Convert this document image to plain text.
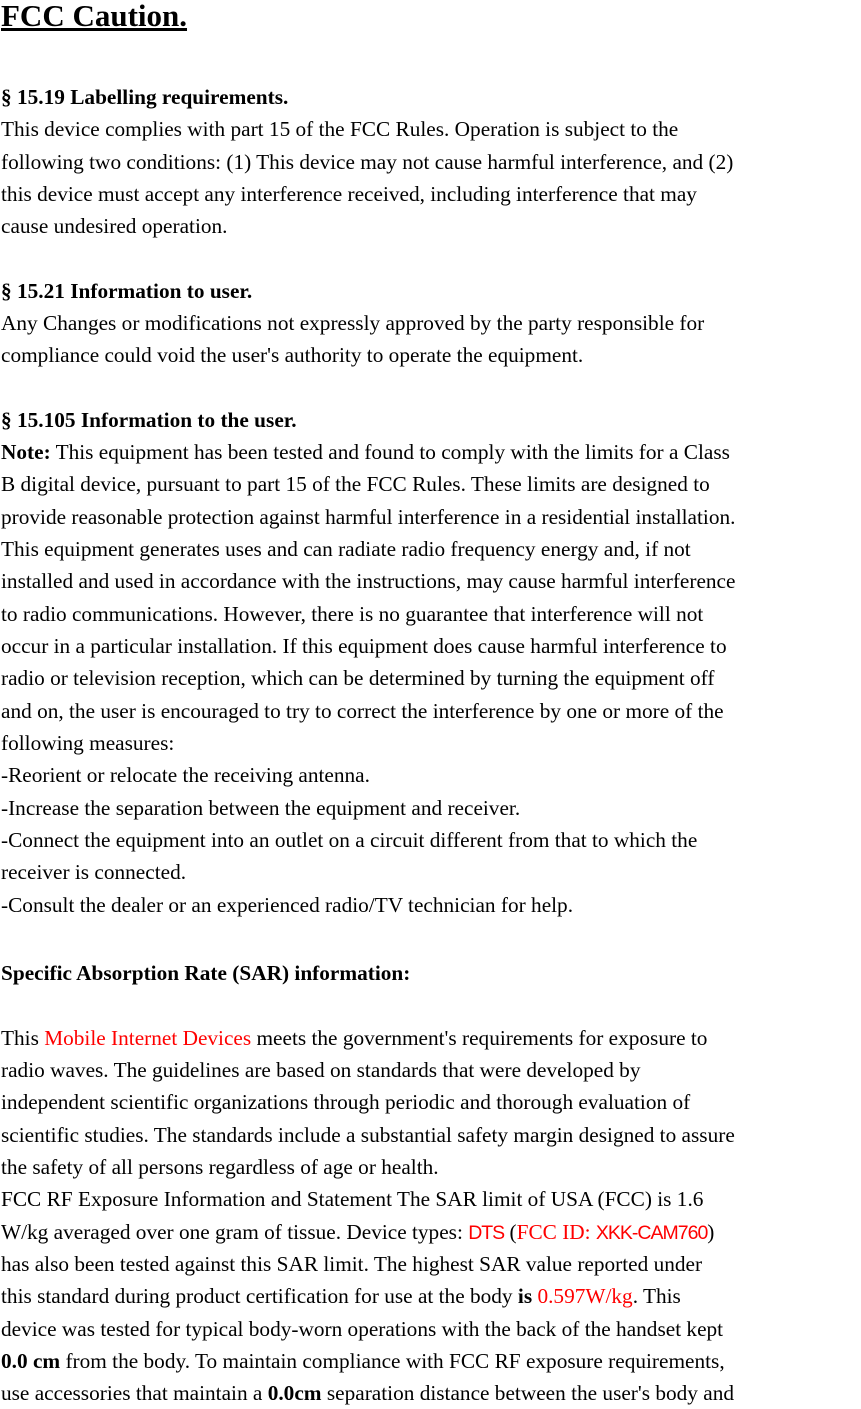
FCC Caution.
§ 15.19 Labelling requirements.
This device complies with part 15 of the FCC Rules. Operation is subject to the
following two conditions: (1) This device may not cause harmful interference, and (2)
this device must accept any interference received, including interference that may
cause undesired operation.
§ 15.21 Information to user.
Any Changes or modifications not expressly approved by the party responsible for
compliance could void the user's authority to operate the equipment.
§ 15.105 Information to the user.
Note: This equipment has been tested and found to comply with the limits for a Class
B digital device, pursuant to part 15 of the FCC Rules. These limits are designed to
provide reasonable protection against harmful interference in a residential installation.
This equipment generates uses and can radiate radio frequency energy and, if not
installed and used in accordance with the instructions, may cause harmful interference
to radio communications. However, there is no guarantee that interference will not
occur in a particular installation. If this equipment does cause harmful interference to
radio or television reception, which can be determined by turning the equipment off
and on, the user is encouraged to try to correct the interference by one or more of the
following measures:
-Reorient or relocate the receiving antenna.
-Increase the separation between the equipment and receiver.
-Connect the equipment into an outlet on a circuit different from that to which the
receiver is connected.
-Consult the dealer or an experienced radio/TV technician for help.
Specific Absorption Rate (SAR) information:
This Mobile Internet Devices meets the government's requirements for exposure to
radio waves. The guidelines are based on standards that were developed by
independent scientific organizations through periodic and thorough evaluation of
scientific studies. The standards include a substantial safety margin designed to assure
the safety of all persons regardless of age or health.
FCC RF Exposure Information and Statement The SAR limit of USA (FCC) is 1.6
W/kg averaged over one gram of tissue. Device types: DTS (FCC ID: XKK-CAM760)
has also been tested against this SAR limit. The highest SAR value reported under
this standard during product certification for use at the body is 0.597W/kg. This
device was tested for typical body-worn operations with the back of the handset kept
0.0 cm from the body. To maintain compliance with FCC RF exposure requirements,
use accessories that maintain a 0.0cm separation distance between the user's body and
